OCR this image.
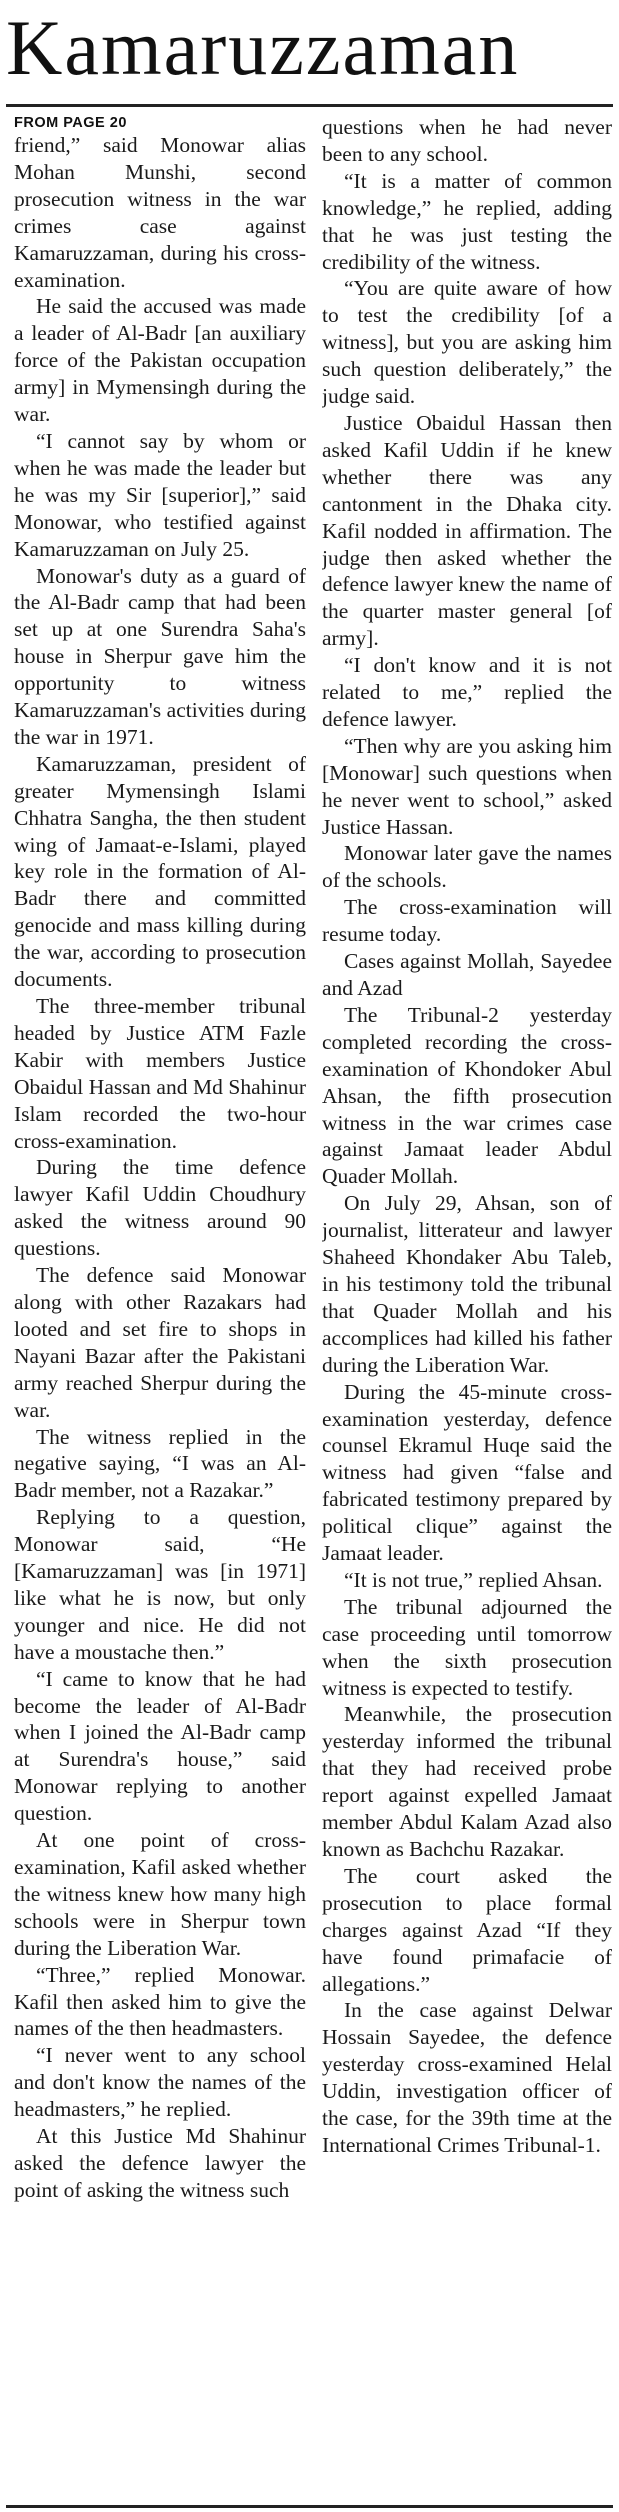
Kamaruzzaman
FROM PAGE 20

friend,” said Monowar alias Mohan Munshi, second prosecution witness in the war crimes case against Kamaruzzaman, during his cross-examination.

He said the accused was made a leader of Al-Badr [an auxiliary force of the Pakistan occupation army] in Mymensingh during the war.

“I cannot say by whom or when he was made the leader but he was my Sir [superior],” said Monowar, who testified against Kamaruzzaman on July 25.

Monowar's duty as a guard of the Al-Badr camp that had been set up at one Surendra Saha's house in Sherpur gave him the opportunity to witness Kamaruzzaman's activities during the war in 1971.

Kamaruzzaman, president of greater Mymensingh Islami Chhatra Sangha, the then student wing of Jamaat-e-Islami, played key role in the formation of Al-Badr there and committed genocide and mass killing during the war, according to prosecution documents.

The three-member tribunal headed by Justice ATM Fazle Kabir with members Justice Obaidul Hassan and Md Shahinur Islam recorded the two-hour cross-examination.

During the time defence lawyer Kafil Uddin Choudhury asked the witness around 90 questions.

The defence said Monowar along with other Razakars had looted and set fire to shops in Nayani Bazar after the Pakistani army reached Sherpur during the war.

The witness replied in the negative saying, “I was an Al-Badr member, not a Razakar.”

Replying to a question, Monowar said, “He [Kamaruzzaman] was [in 1971] like what he is now, but only younger and nice. He did not have a moustache then.”

“I came to know that he had become the leader of Al-Badr when I joined the Al-Badr camp at Surendra's house,” said Monowar replying to another question.

At one point of cross-examination, Kafil asked whether the witness knew how many high schools were in Sherpur town during the Liberation War.

“Three,” replied Monowar. Kafil then asked him to give the names of the then headmasters.

“I never went to any school and don't know the names of the headmasters,” he replied.

At this Justice Md Shahinur asked the defence lawyer the point of asking the witness such

questions when he had never been to any school.

“It is a matter of common knowledge,” he replied, adding that he was just testing the credibility of the witness.

“You are quite aware of how to test the credibility [of a witness], but you are asking him such question deliberately,” the judge said.

Justice Obaidul Hassan then asked Kafil Uddin if he knew whether there was any cantonment in the Dhaka city. Kafil nodded in affirmation. The judge then asked whether the defence lawyer knew the name of the quarter master general [of army].

“I don't know and it is not related to me,” replied the defence lawyer.

“Then why are you asking him [Monowar] such questions when he never went to school,” asked Justice Hassan.

Monowar later gave the names of the schools.

The cross-examination will resume today.

Cases against Mollah, Sayedee and Azad

The Tribunal-2 yesterday completed recording the cross-examination of Khondoker Abul Ahsan, the fifth prosecution witness in the war crimes case against Jamaat leader Abdul Quader Mollah.

On July 29, Ahsan, son of journalist, litterateur and lawyer Shaheed Khondaker Abu Taleb, in his testimony told the tribunal that Quader Mollah and his accomplices had killed his father during the Liberation War.

During the 45-minute cross-examination yesterday, defence counsel Ekramul Huqe said the witness had given “false and fabricated testimony prepared by political clique” against the Jamaat leader.

“It is not true,” replied Ahsan.

The tribunal adjourned the case proceeding until tomorrow when the sixth prosecution witness is expected to testify.

Meanwhile, the prosecution yesterday informed the tribunal that they had received probe report against expelled Jamaat member Abdul Kalam Azad also known as Bachchu Razakar.

The court asked the prosecution to place formal charges against Azad “If they have found primafacie of allegations.”

In the case against Delwar Hossain Sayedee, the defence yesterday cross-examined Helal Uddin, investigation officer of the case, for the 39th time at the International Crimes Tribunal-1.
